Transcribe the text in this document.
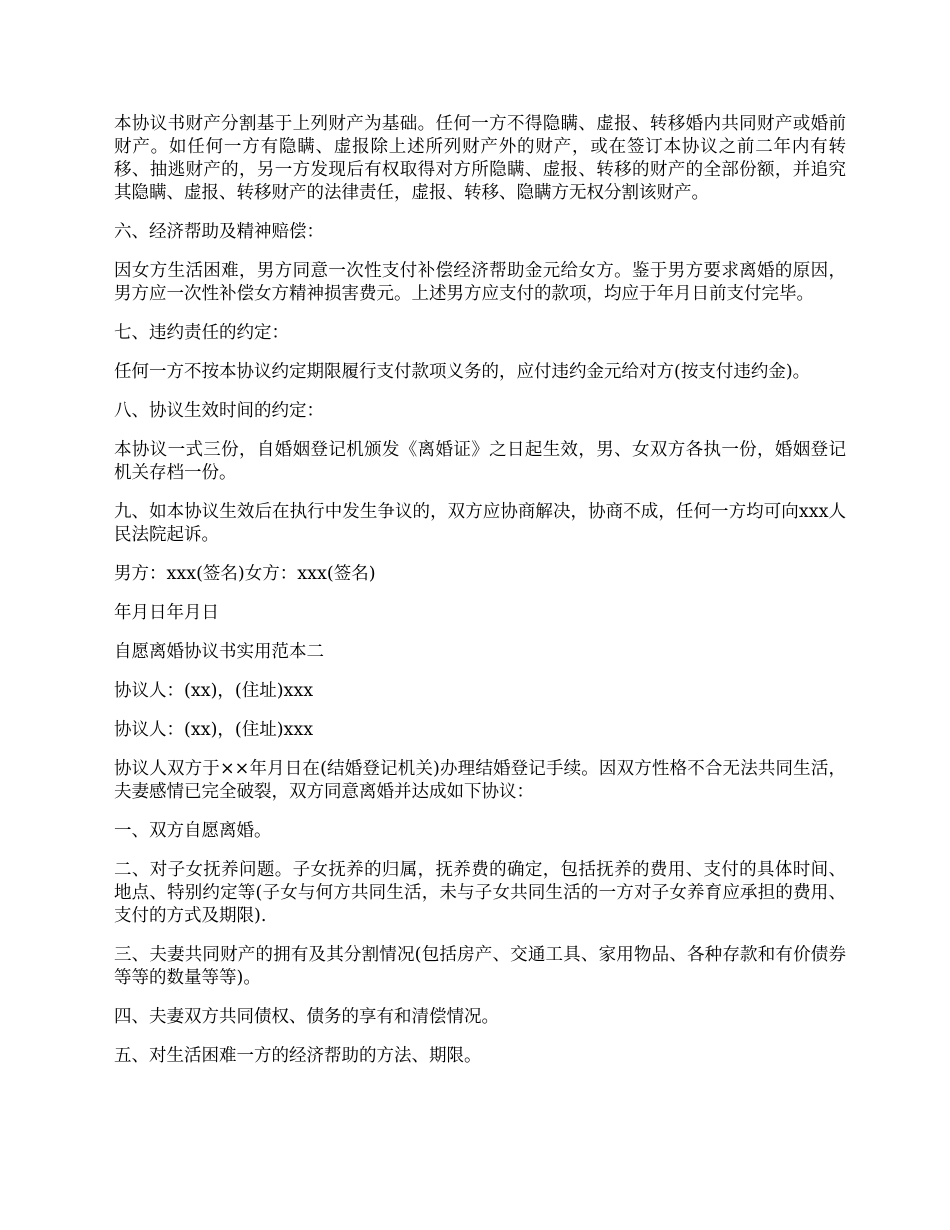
本协议书财产分割基于上列财产为基础。任何一方不得隐瞒、虚报、转移婚内共同财产或婚前财产。如任何一方有隐瞒、虚报除上述所列财产外的财产，或在签订本协议之前二年内有转移、抽逃财产的，另一方发现后有权取得对方所隐瞒、虚报、转移的财产的全部份额，并追究其隐瞒、虚报、转移财产的法律责任，虚报、转移、隐瞒方无权分割该财产。

六、经济帮助及精神赔偿：

因女方生活困难，男方同意一次性支付补偿经济帮助金元给女方。鉴于男方要求离婚的原因，男方应一次性补偿女方精神损害费元。上述男方应支付的款项，均应于年月日前支付完毕。

七、违约责任的约定：

任何一方不按本协议约定期限履行支付款项义务的，应付违约金元给对方(按支付违约金)。

八、协议生效时间的约定：

本协议一式三份，自婚姻登记机颁发《离婚证》之日起生效，男、女双方各执一份，婚姻登记机关存档一份。

九、如本协议生效后在执行中发生争议的，双方应协商解决，协商不成，任何一方均可向xxx人民法院起诉。

男方：xxx(签名)女方：xxx(签名)

年月日年月日

自愿离婚协议书实用范本二

协议人：(xx)，(住址)xxx

协议人：(xx)，(住址)xxx

协议人双方于××年月日在(结婚登记机关)办理结婚登记手续。因双方性格不合无法共同生活，夫妻感情已完全破裂，双方同意离婚并达成如下协议：

一、双方自愿离婚。

二、对子女抚养问题。子女抚养的归属，抚养费的确定，包括抚养的费用、支付的具体时间、地点、特别约定等(子女与何方共同生活，未与子女共同生活的一方对子女养育应承担的费用、支付的方式及期限).

三、夫妻共同财产的拥有及其分割情况(包括房产、交通工具、家用物品、各种存款和有价债券等等的数量等等)。

四、夫妻双方共同债权、债务的享有和清偿情况。

五、对生活困难一方的经济帮助的方法、期限。
